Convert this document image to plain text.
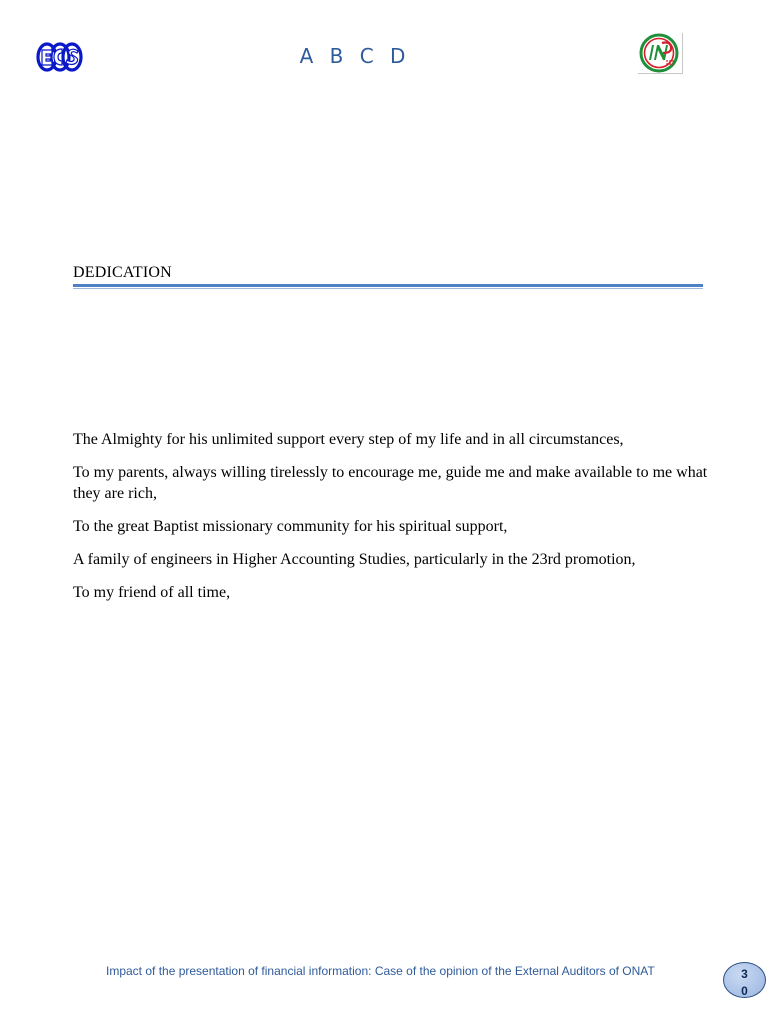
A B C D
DEDICATION

The Almighty for his unlimited support every step of my life and in all circumstances,

To my parents, always willing tirelessly to encourage me, guide me and make available to me what they are rich,

To the great Baptist missionary community for his spiritual support,

A family of engineers in Higher Accounting Studies, particularly in the 23rd promotion,

To my friend of all time,

Impact of the presentation of financial information: Case of the opinion of the External Auditors of ONAT	30
